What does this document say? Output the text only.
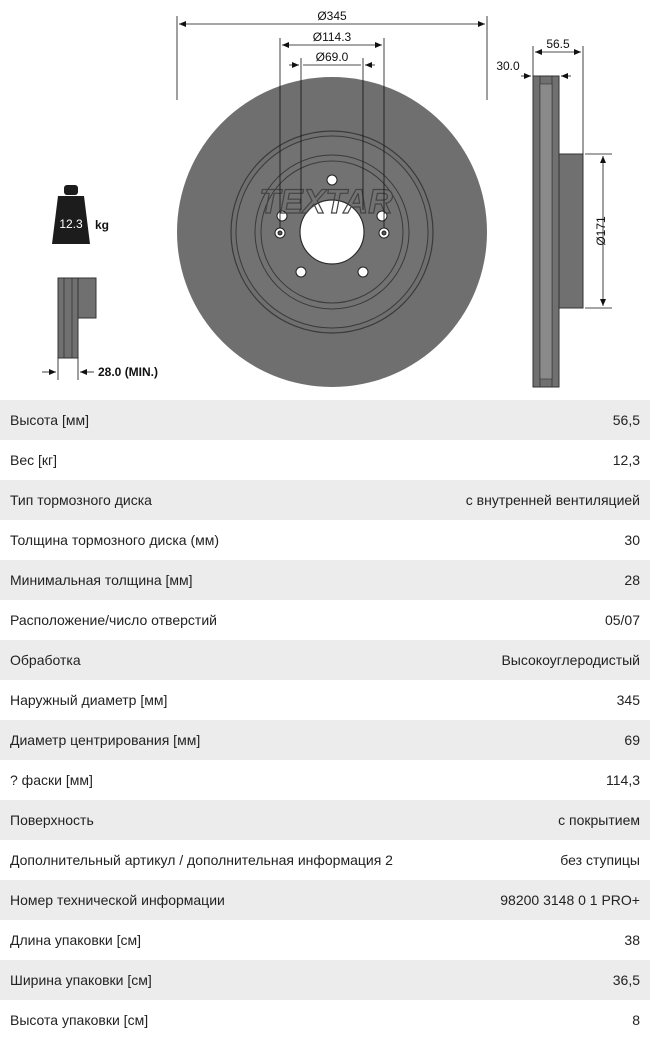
TEXTAR
Ø345
Ø114.3
Ø69.0
56.5
30.0
Ø171
12.3 kg
28.0 (MIN.)
Высота [мм]	56,5
Вес [кг]	12,3
Тип тормозного диска	с внутренней вентиляцией
Толщина тормозного диска (мм)	30
Минимальная толщина [мм]	28
Расположение/число отверстий	05/07
Обработка	Высокоуглеродистый
Наружный диаметр [мм]	345
Диаметр центрирования [мм]	69
? фаски [мм]	114,3
Поверхность	с покрытием
Дополнительный артикул / дополнительная информация 2	без ступицы
Номер технической информации	98200 3148 0 1 PRO+
Длина упаковки [см]	38
Ширина упаковки [см]	36,5
Высота упаковки [см]	8
